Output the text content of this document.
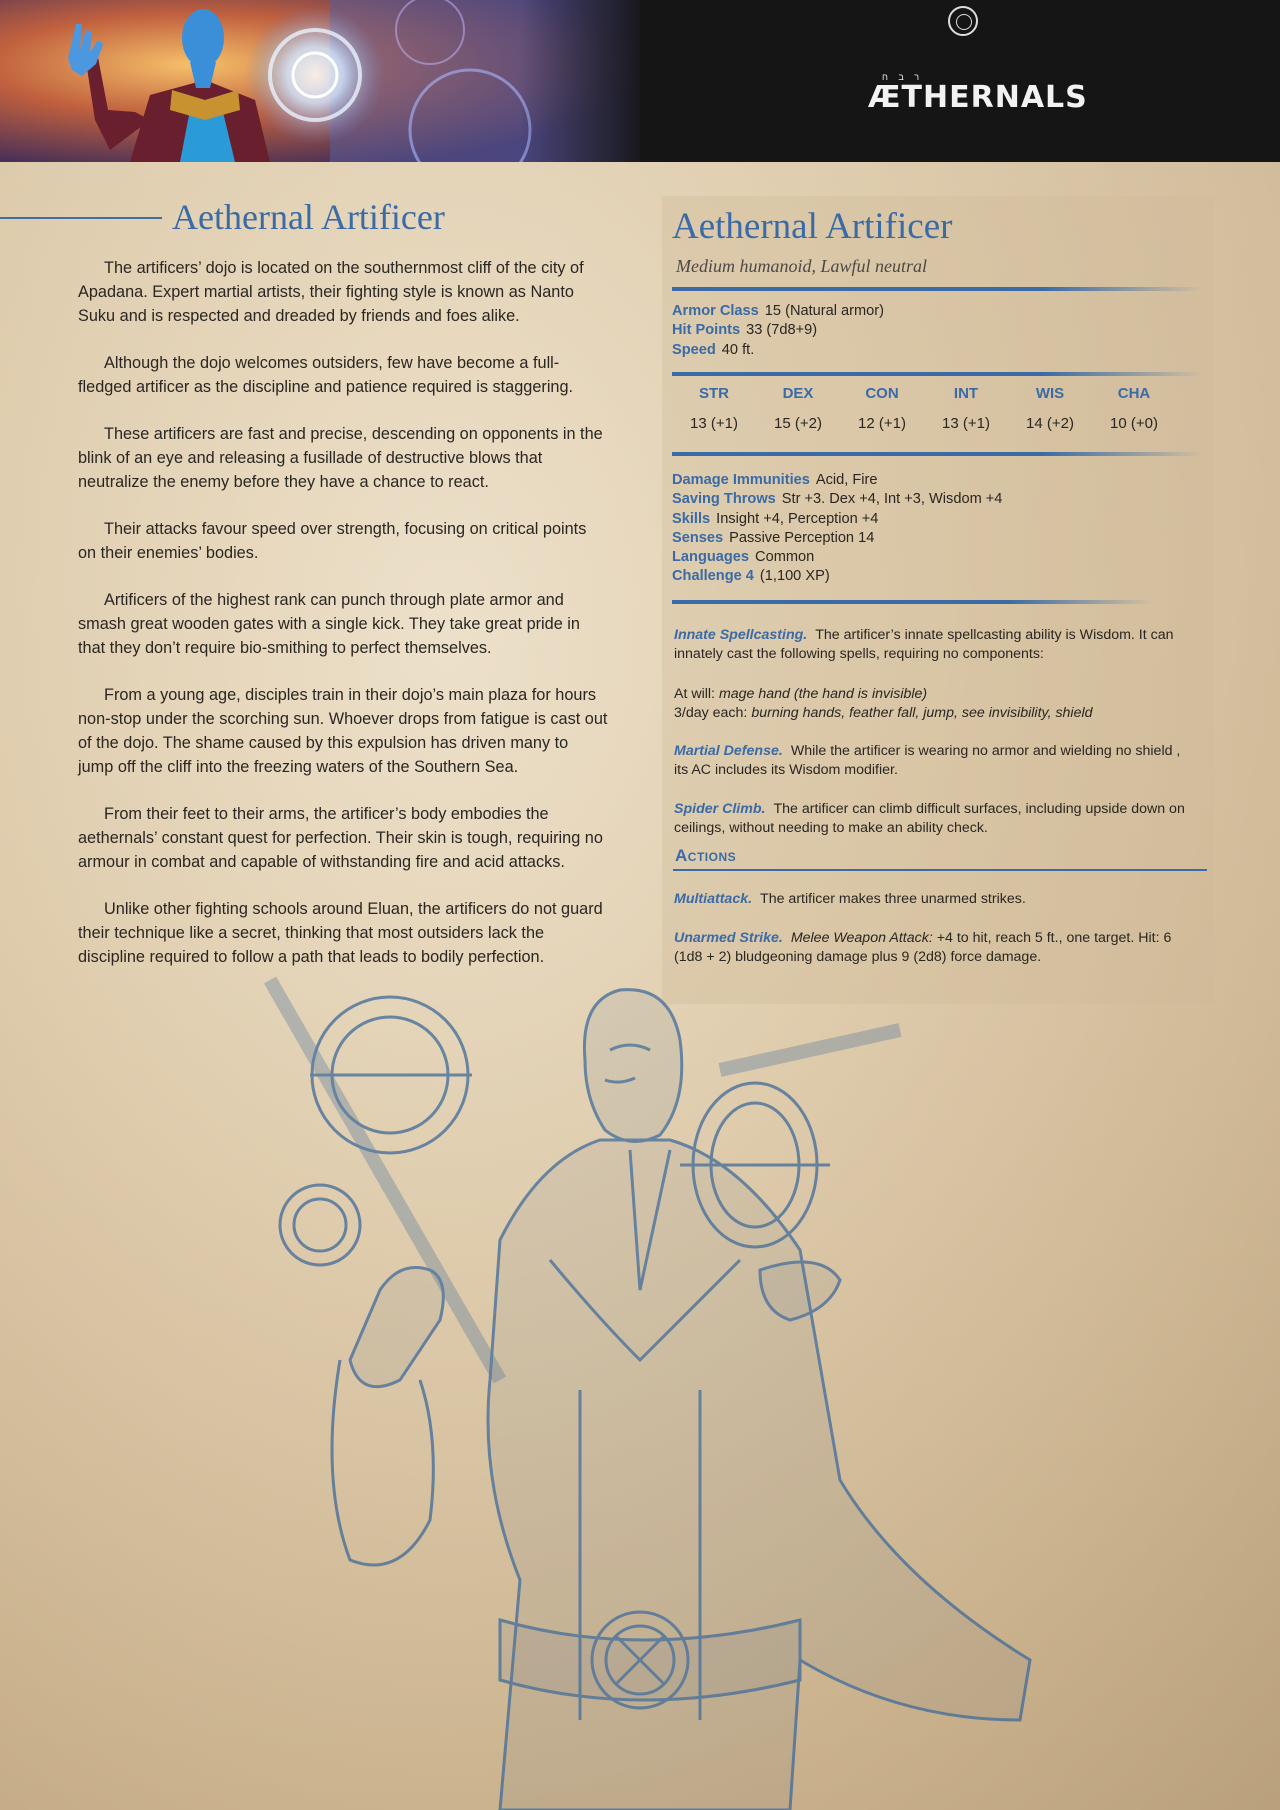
ר ב ח
ÆTHERNALS
Aethernal Artificer

The artificers’ dojo is located on the southernmost cliff of the city of Apadana. Expert martial artists, their fighting style is known as Nanto Suku and is respected and dreaded by friends and foes alike.

Although the dojo welcomes outsiders, few have become a full-fledged artificer as the discipline and patience required is staggering.

These artificers are fast and precise, descending on opponents in the blink of an eye and releasing a fusillade of destructive blows that neutralize the enemy before they have a chance to react.

Their attacks favour speed over strength, focusing on critical points on their enemies’ bodies.

Artificers of the highest rank can punch through plate armor and smash great wooden gates with a single kick. They take great pride in that they don’t require bio-smithing to perfect themselves.

From a young age, disciples train in their dojo’s main plaza for hours non-stop under the scorching sun. Whoever drops from fatigue is cast out of the dojo. The shame caused by this expulsion has driven many to jump off the cliff into the freezing waters of the Southern Sea.

From their feet to their arms, the artificer’s body embodies the aethernals’ constant quest for perfection. Their skin is tough, requiring no armour in combat and capable of withstanding fire and acid attacks.

Unlike other fighting schools around Eluan, the artificers do not guard their technique like a secret, thinking that most outsiders lack the discipline required to follow a path that leads to bodily perfection.

Aethernal Artificer
Medium humanoid, Lawful neutral
Armor Class 15 (Natural armor)
Hit Points 33 (7d8+9)
Speed 40 ft.
STR	DEX	CON	INT	WIS	CHA
13 (+1)	15 (+2)	12 (+1)	13 (+1)	14 (+2)	10 (+0)
Damage Immunities Acid, Fire
Saving Throws Str +3. Dex +4, Int +3, Wisdom +4
Skills Insight +4, Perception +4
Senses Passive Perception 14
Languages Common
Challenge 4 (1,100 XP)

Innate Spellcasting. The artificer’s innate spellcasting ability is Wisdom. It can innately cast the following spells, requiring no components:

At will: mage hand (the hand is invisible)

3/day each: burning hands, feather fall, jump, see invisibility, shield

Martial Defense. While the artificer is wearing no armor and wielding no shield , its AC includes its Wisdom modifier.

Spider Climb. The artificer can climb difficult surfaces, including upside down on ceilings, without needing to make an ability check.

Actions

Multiattack. The artificer makes three unarmed strikes.

Unarmed Strike. Melee Weapon Attack: +4 to hit, reach 5 ft., one target. Hit: 6 (1d8 + 2) bludgeoning damage plus 9 (2d8) force damage.
